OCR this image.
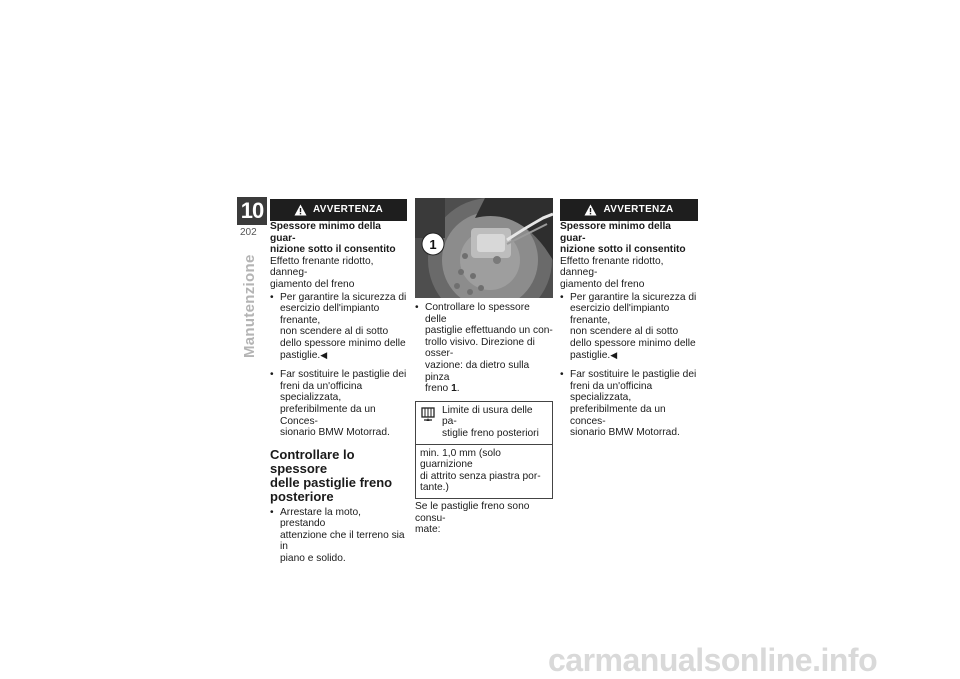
10
202
Manutenzione
AVVERTENZA

Spessore minimo della guar-
nizione sotto il consentito

Effetto frenante ridotto, danneg-
giamento del freno

• Per garantire la sicurezza di
esercizio dell'impianto frenante,
non scendere al di sotto
dello spessore minimo delle
pastiglie.◀
• Far sostituire le pastiglie dei
freni da un'officina specializzata,
preferibilmente da un Conces-
sionario BMW Motorrad.
Controllare lo spessore
delle pastiglie freno
posteriore
• Arrestare la moto, prestando
attenzione che il terreno sia in
piano e solido.
1
• Controllare lo spessore delle
pastiglie effettuando un con-
trollo visivo. Direzione di osser-
vazione: da dietro sulla pinza
freno 1.
Limite di usura delle pa-
stiglie freno posteriori
min. 1,0 mm (solo guarnizione
di attrito senza piastra por-
tante.)

Se le pastiglie freno sono consu-
mate:

AVVERTENZA

Spessore minimo della guar-
nizione sotto il consentito

Effetto frenante ridotto, danneg-
giamento del freno

• Per garantire la sicurezza di
esercizio dell'impianto frenante,
non scendere al di sotto
dello spessore minimo delle
pastiglie.◀
• Far sostituire le pastiglie dei
freni da un'officina specializzata,
preferibilmente da un conces-
sionario BMW Motorrad.
carmanualsonline.info
